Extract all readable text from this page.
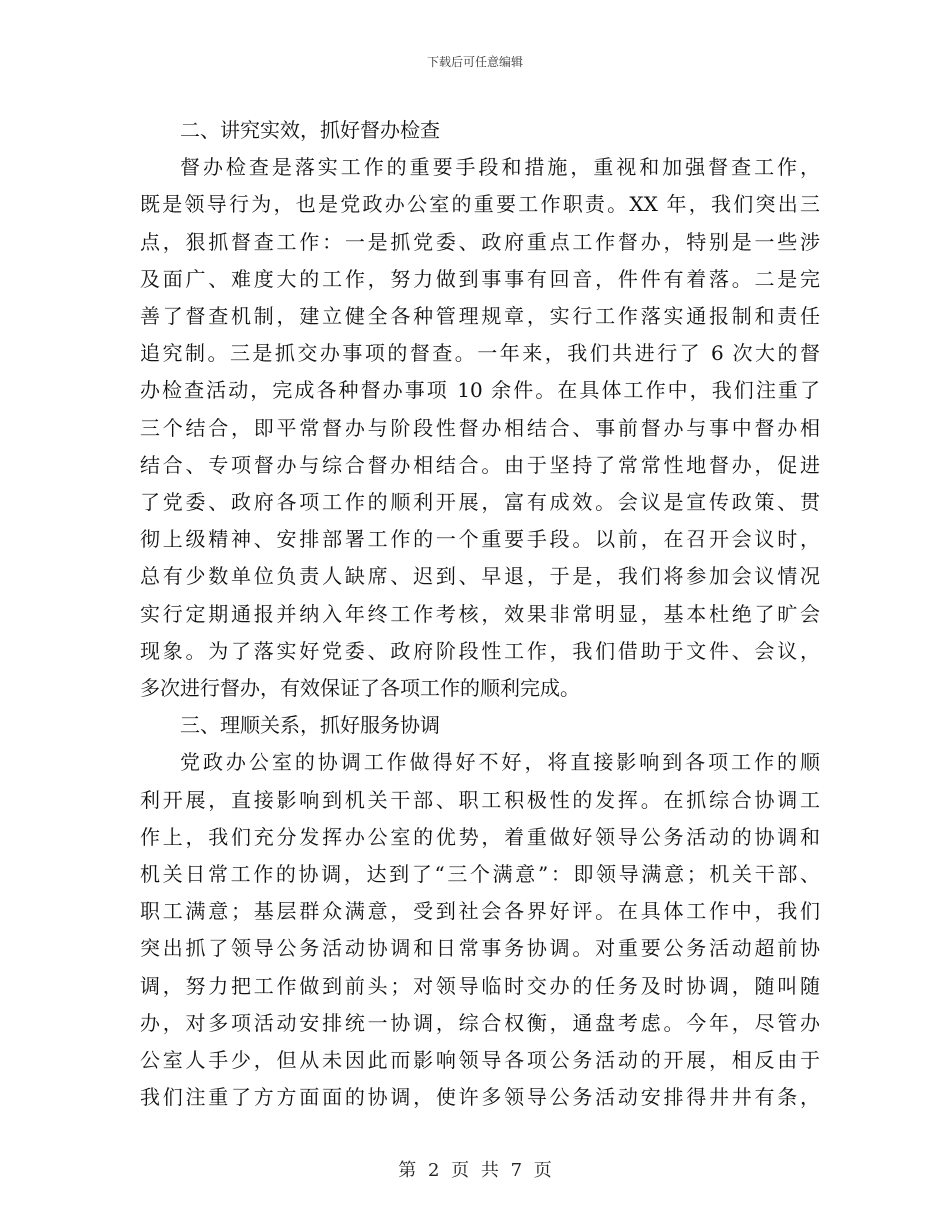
下载后可任意编辑

二、讲究实效，抓好督办检查

督办检查是落实工作的重要手段和措施，重视和加强督查工作，

既是领导行为，也是党政办公室的重要工作职责。XX 年，我们突出三

点，狠抓督查工作：一是抓党委、政府重点工作督办，特别是一些涉

及面广、难度大的工作，努力做到事事有回音，件件有着落。二是完

善了督查机制，建立健全各种管理规章，实行工作落实通报制和责任

追究制。三是抓交办事项的督查。一年来，我们共进行了 6 次大的督

办检查活动，完成各种督办事项 10 余件。在具体工作中，我们注重了

三个结合，即平常督办与阶段性督办相结合、事前督办与事中督办相

结合、专项督办与综合督办相结合。由于坚持了常常性地督办，促进

了党委、政府各项工作的顺利开展，富有成效。会议是宣传政策、贯

彻上级精神、安排部署工作的一个重要手段。以前，在召开会议时，

总有少数单位负责人缺席、迟到、早退，于是，我们将参加会议情况

实行定期通报并纳入年终工作考核，效果非常明显，基本杜绝了旷会

现象。为了落实好党委、政府阶段性工作，我们借助于文件、会议，

多次进行督办，有效保证了各项工作的顺利完成。

三、理顺关系，抓好服务协调

党政办公室的协调工作做得好不好，将直接影响到各项工作的顺

利开展，直接影响到机关干部、职工积极性的发挥。在抓综合协调工

作上，我们充分发挥办公室的优势，着重做好领导公务活动的协调和

机关日常工作的协调，达到了“三个满意”：即领导满意；机关干部、

职工满意；基层群众满意，受到社会各界好评。在具体工作中，我们

突出抓了领导公务活动协调和日常事务协调。对重要公务活动超前协

调，努力把工作做到前头；对领导临时交办的任务及时协调，随叫随

办，对多项活动安排统一协调，综合权衡，通盘考虑。今年，尽管办

公室人手少，但从未因此而影响领导各项公务活动的开展，相反由于

我们注重了方方面面的协调，使许多领导公务活动安排得井井有条，

第 2 页 共 7 页
